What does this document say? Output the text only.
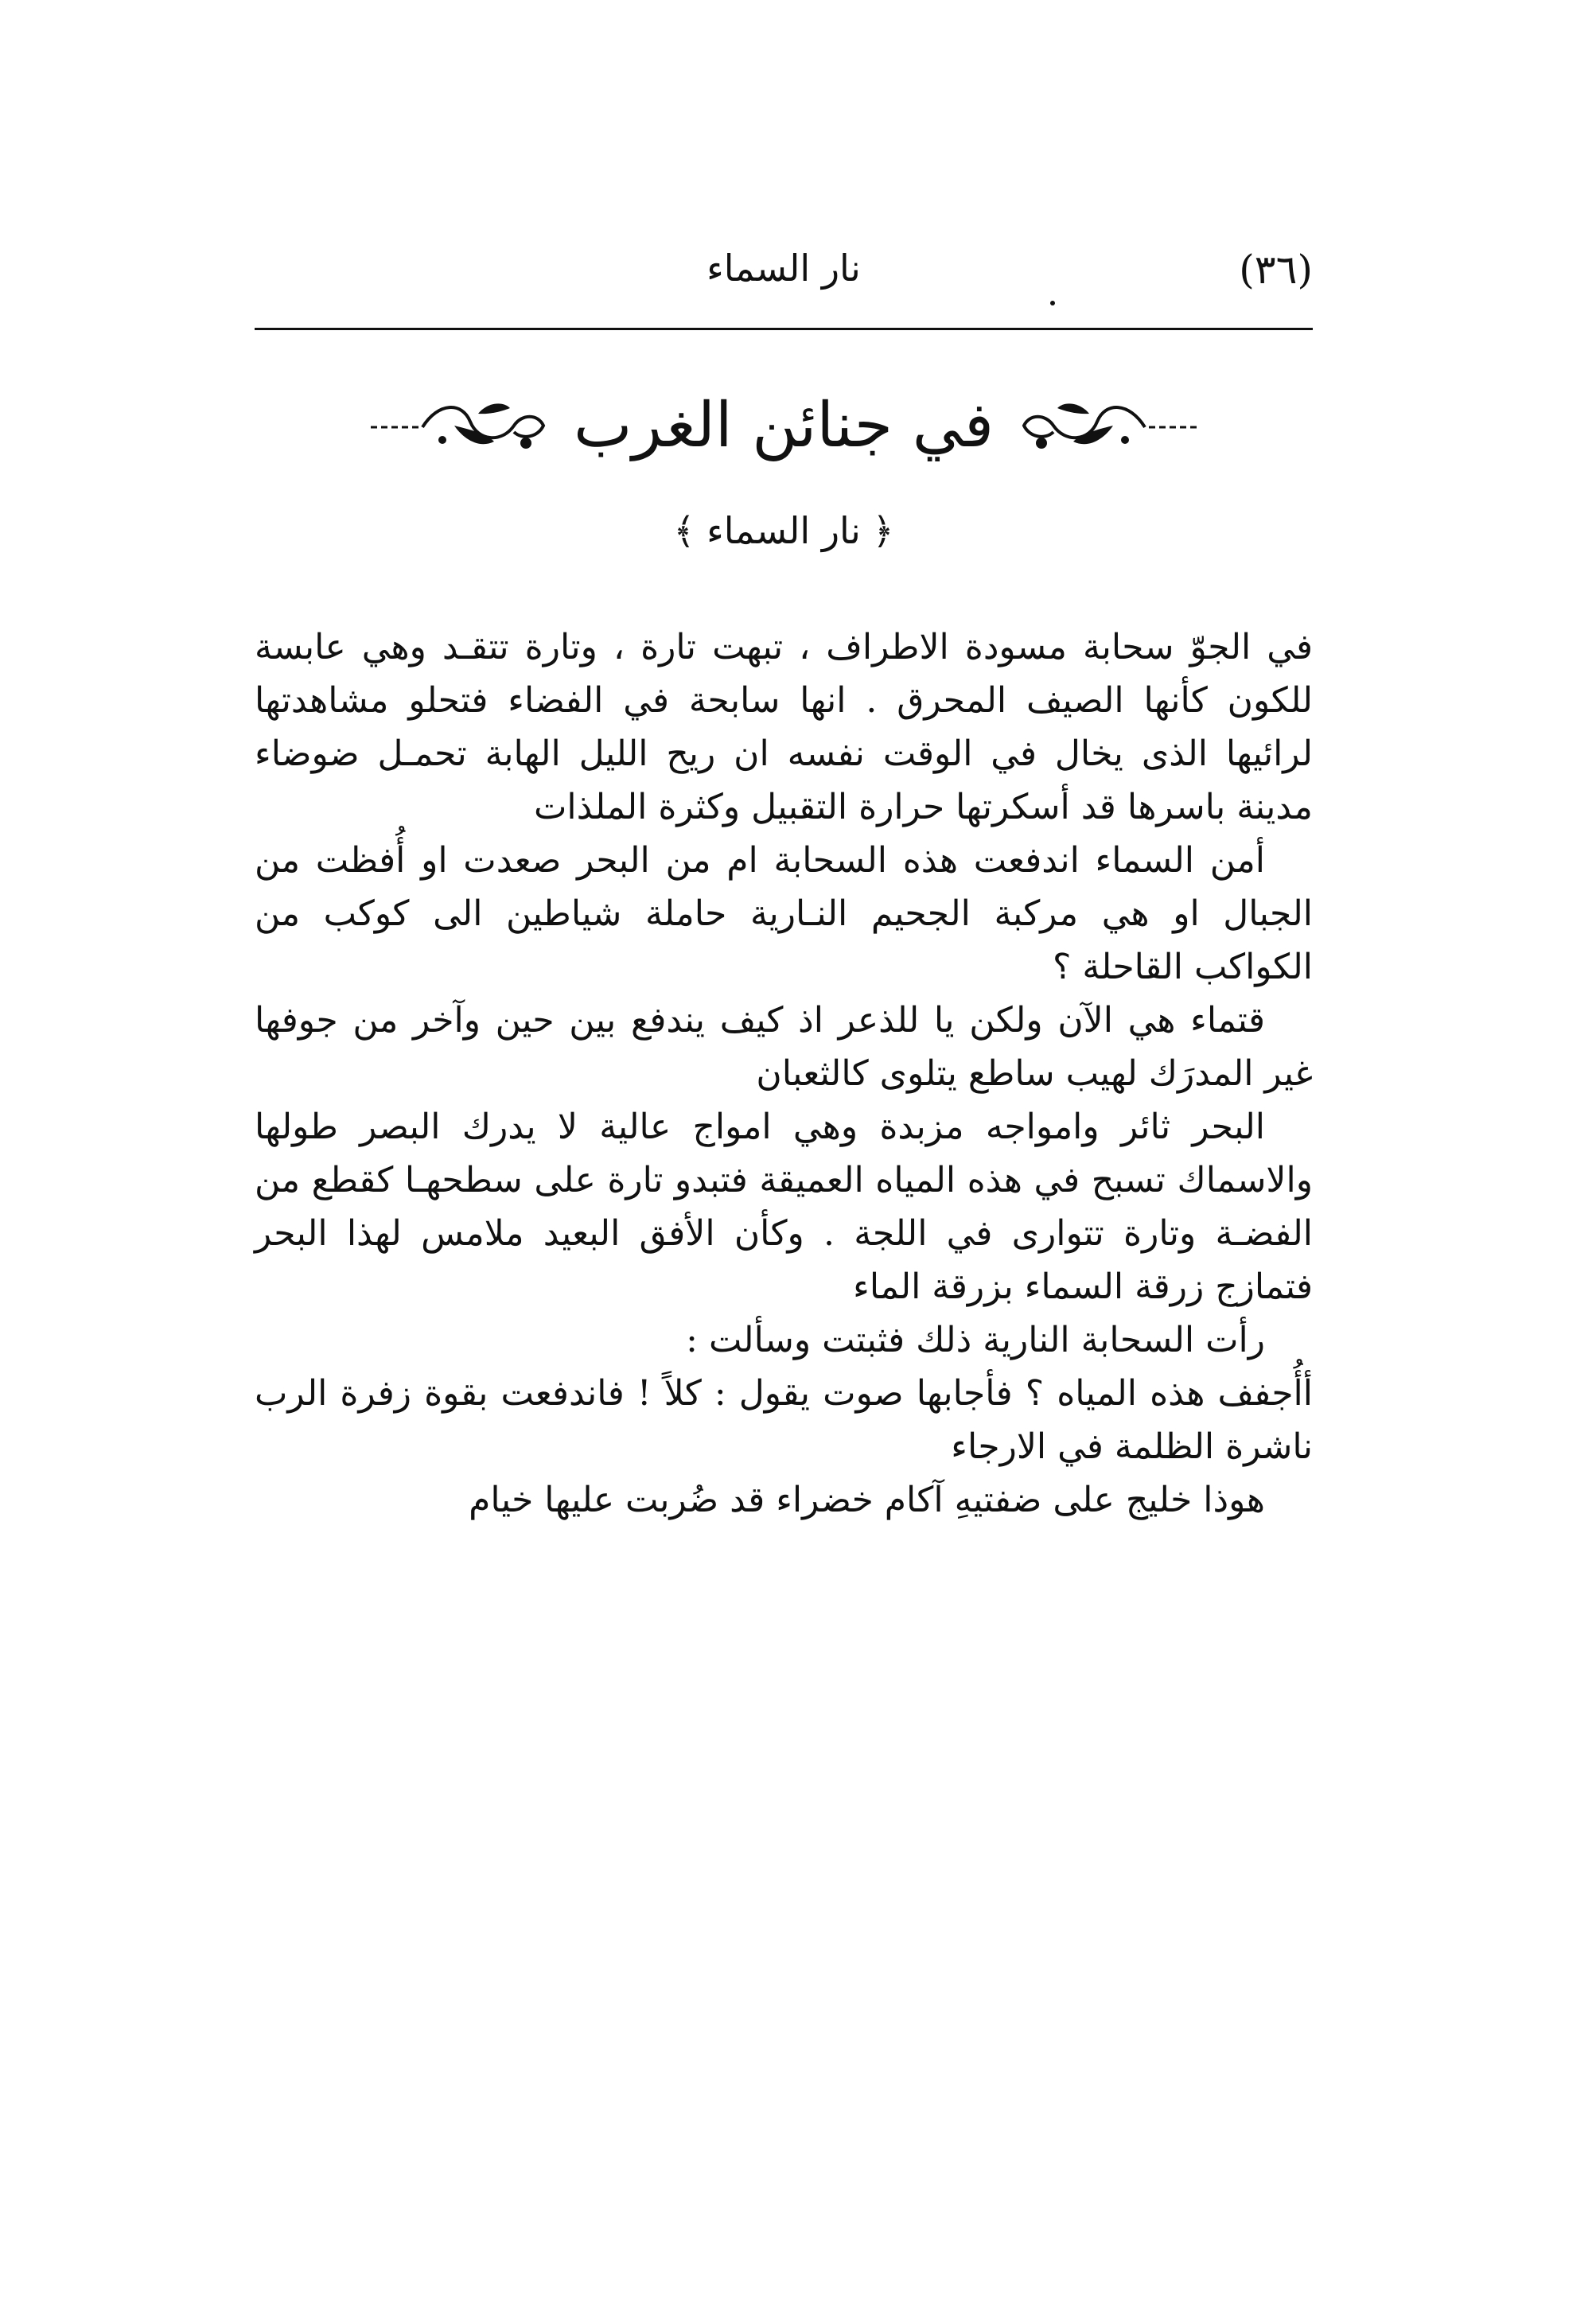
(٣٦)
نار السماء
في جنائن الغرب
﴿ نار السماء ﴾

في الجوّ سحابة مسودة الاطراف ، تبهت تارة ، وتارة تتقـد وهي عابسة للكون كأنها الصيف المحرق . انها سابحة في الفضاء فتحلو مشاهدتها لرائيها الذى يخال في الوقت نفسه ان ريح الليل الهابة تحمـل ضوضاء مدينة باسرها قد أسكرتها حرارة التقبيل وكثرة الملذات

أمن السماء اندفعت هذه السحابة ام من البحر صعدت او أُفظت من الجبال او هي مركبة الجحيم النـارية حاملة شياطين الى كوكب من الكواكب القاحلة ؟

قتماء هي الآن ولكن يا للذعر اذ كيف يندفع بين حين وآخر من جوفها غير المدرَك لهيب ساطع يتلوى كالثعبان

البحر ثائر وامواجه مزبدة وهي امواج عالية لا يدرك البصر طولها والاسماك تسبح في هذه المياه العميقة فتبدو تارة على سطحهـا كقطع من الفضـة وتارة تتوارى في اللجة . وكأن الأفق البعيد ملامس لهذا البحر فتمازج زرقة السماء بزرقة الماء

رأت السحابة النارية ذلك فثبتت وسألت :

أأُجفف هذه المياه ؟ فأجابها صوت يقول : كلاً ! فاندفعت بقوة زفرة الرب ناشرة الظلمة في الارجاء

هوذا خليج على ضفتيهِ آكام خضراء قد ضُربت عليها خيام
